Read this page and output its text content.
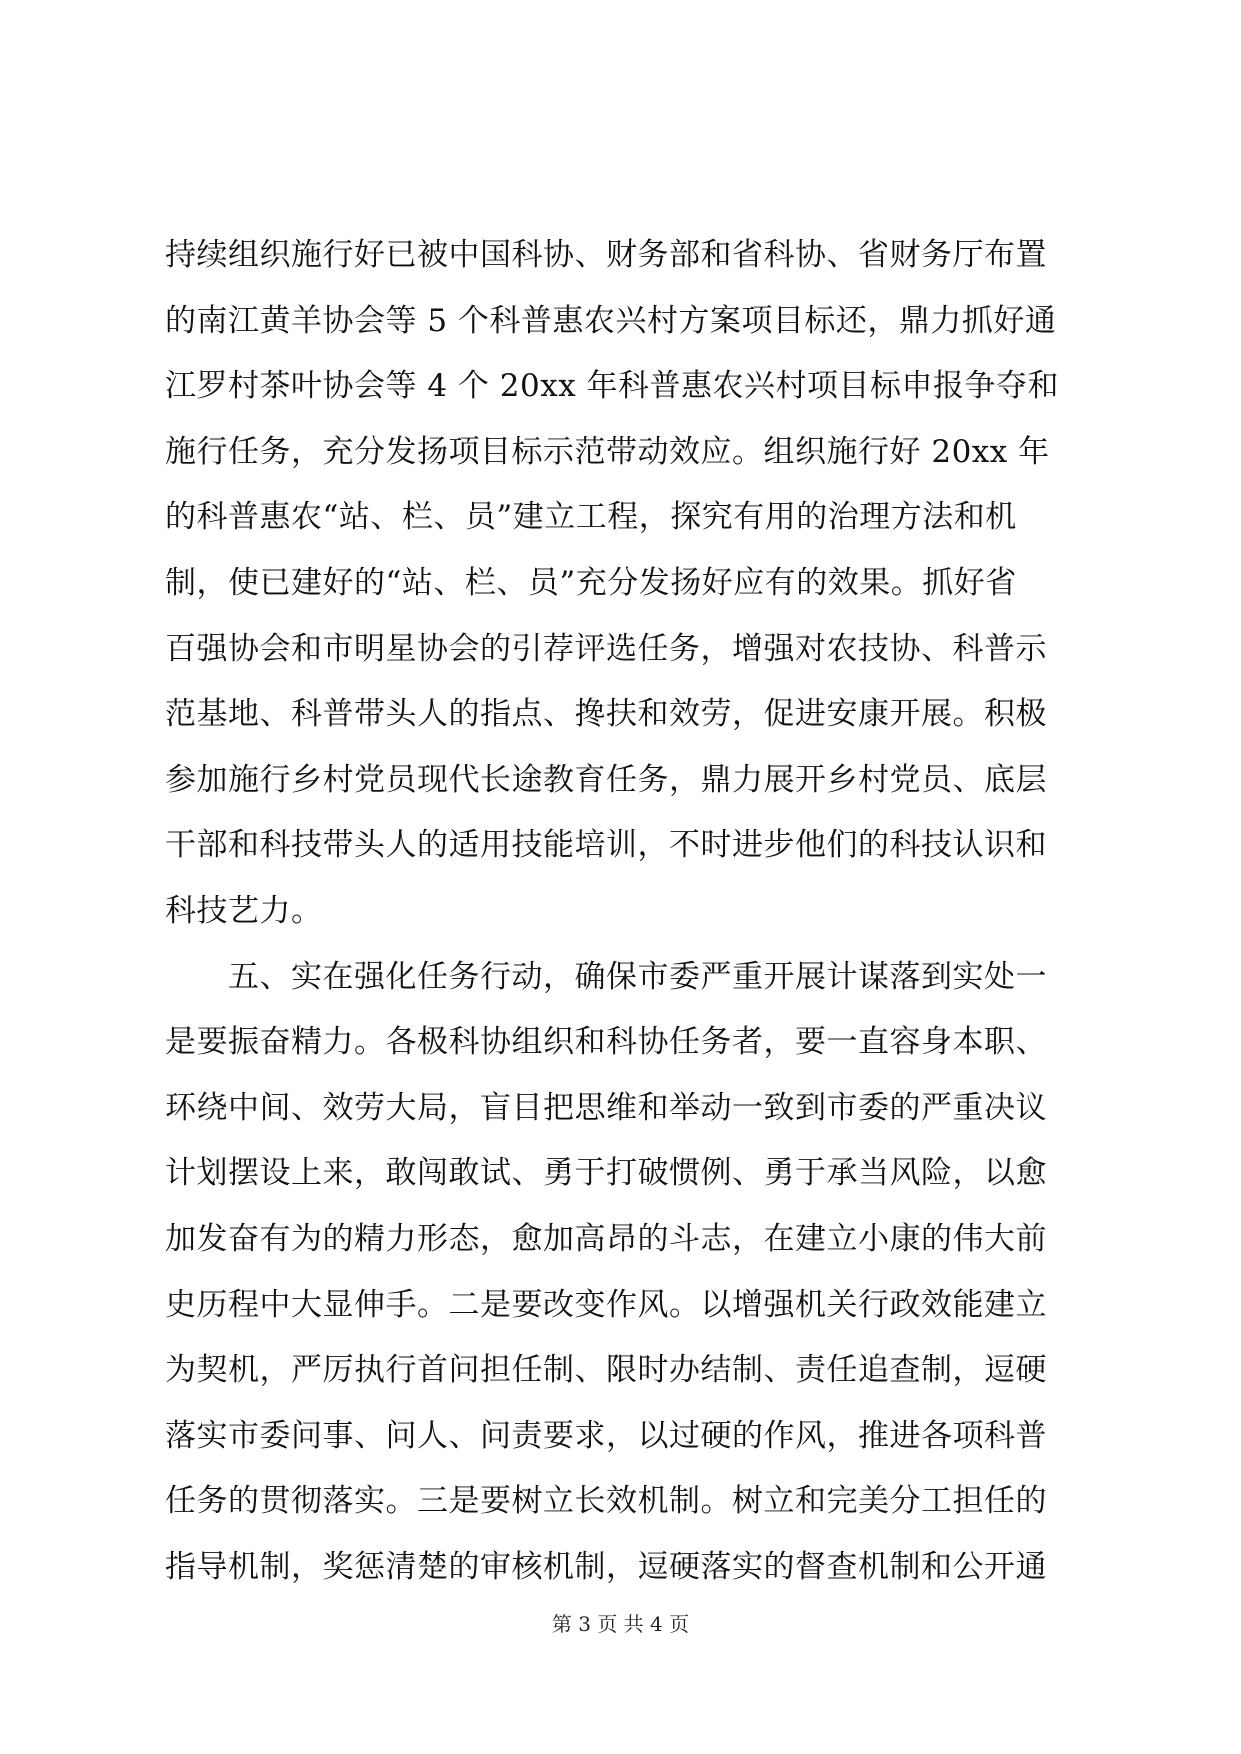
持续组织施行好已被中国科协、财务部和省科协、省财务厅布置
的南江黄羊协会等 5 个科普惠农兴村方案项目标还，鼎力抓好通
江罗村茶叶协会等 4 个 20xx 年科普惠农兴村项目标申报争夺和
施行任务，充分发扬项目标示范带动效应。组织施行好 20xx 年
的科普惠农“站、栏、员”建立工程，探究有用的治理方法和机
制，使已建好的“站、栏、员”充分发扬好应有的效果。抓好省
百强协会和市明星协会的引荐评选任务，增强对农技协、科普示
范基地、科普带头人的指点、搀扶和效劳，促进安康开展。积极
参加施行乡村党员现代长途教育任务，鼎力展开乡村党员、底层
干部和科技带头人的适用技能培训，不时进步他们的科技认识和
科技艺力。
　　五、实在强化任务行动，确保市委严重开展计谋落到实处一
是要振奋精力。各极科协组织和科协任务者，要一直容身本职、
环绕中间、效劳大局，盲目把思维和举动一致到市委的严重决议
计划摆设上来，敢闯敢试、勇于打破惯例、勇于承当风险，以愈
加发奋有为的精力形态，愈加高昂的斗志，在建立小康的伟大前
史历程中大显伸手。二是要改变作风。以增强机关行政效能建立
为契机，严厉执行首问担任制、限时办结制、责任追查制，逗硬
落实市委问事、问人、问责要求，以过硬的作风，推进各项科普
任务的贯彻落实。三是要树立长效机制。树立和完美分工担任的
指导机制，奖惩清楚的审核机制，逗硬落实的督查机制和公开通
第 3 页 共 4 页
